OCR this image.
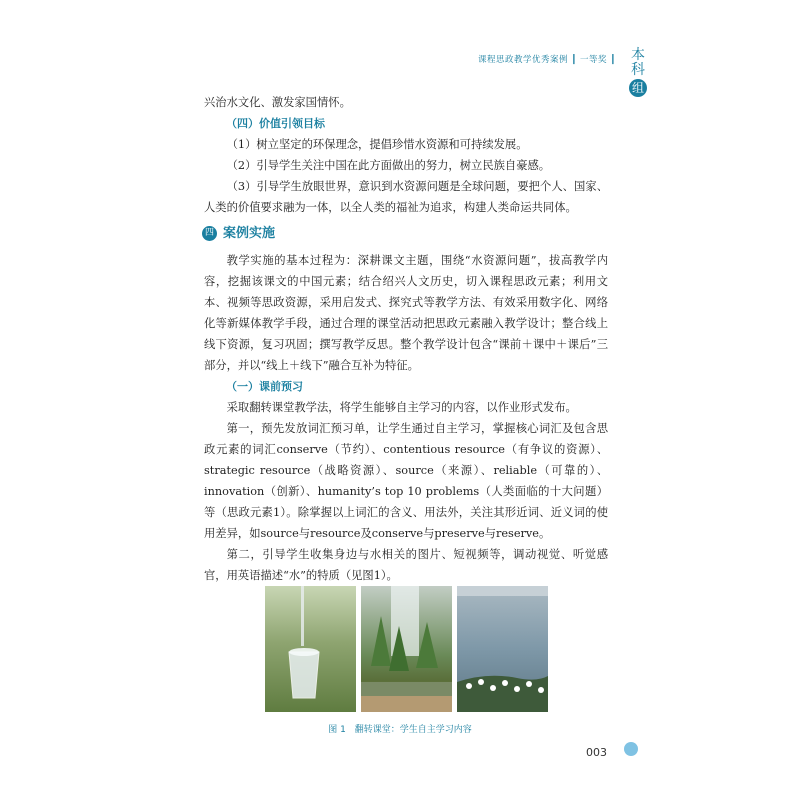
课程思政教学优秀案例 ┃ 一等奖 ┃ 本
科
组

兴治水文化、激发家国情怀。

（四）价值引领目标

（1）树立坚定的环保理念，提倡珍惜水资源和可持续发展。

（2）引导学生关注中国在此方面做出的努力，树立民族自豪感。

（3）引导学生放眼世界，意识到水资源问题是全球问题，要把个人、国家、人类的价值要求融为一体，以全人类的福祉为追求，构建人类命运共同体。

四 案例实施

教学实施的基本过程为：深耕课文主题，围绕“水资源问题”，拔高教学内容，挖掘该课文的中国元素；结合绍兴人文历史，切入课程思政元素；利用文本、视频等思政资源，采用启发式、探究式等教学方法、有效采用数字化、网络化等新媒体教学手段，通过合理的课堂活动把思政元素融入教学设计；整合线上线下资源，复习巩固；撰写教学反思。整个教学设计包含“课前＋课中＋课后”三部分，并以“线上＋线下”融合互补为特征。

（一）课前预习

采取翻转课堂教学法，将学生能够自主学习的内容，以作业形式发布。

第一，预先发放词汇预习单，让学生通过自主学习，掌握核心词汇及包含思政元素的词汇conserve（节约）、contentious resource（有争议的资源）、strategic resource（战略资源）、source（来源）、reliable（可靠的）、innovation（创新）、humanity’s top 10 problems（人类面临的十大问题）等（思政元素1）。除掌握以上词汇的含义、用法外，关注其形近词、近义词的使用差异，如source与resource及conserve与preserve与reserve。

第二，引导学生收集身边与水相关的图片、短视频等，调动视觉、听觉感官，用英语描述“水”的特质（见图1）。

图 1　翻转课堂：学生自主学习内容
003
